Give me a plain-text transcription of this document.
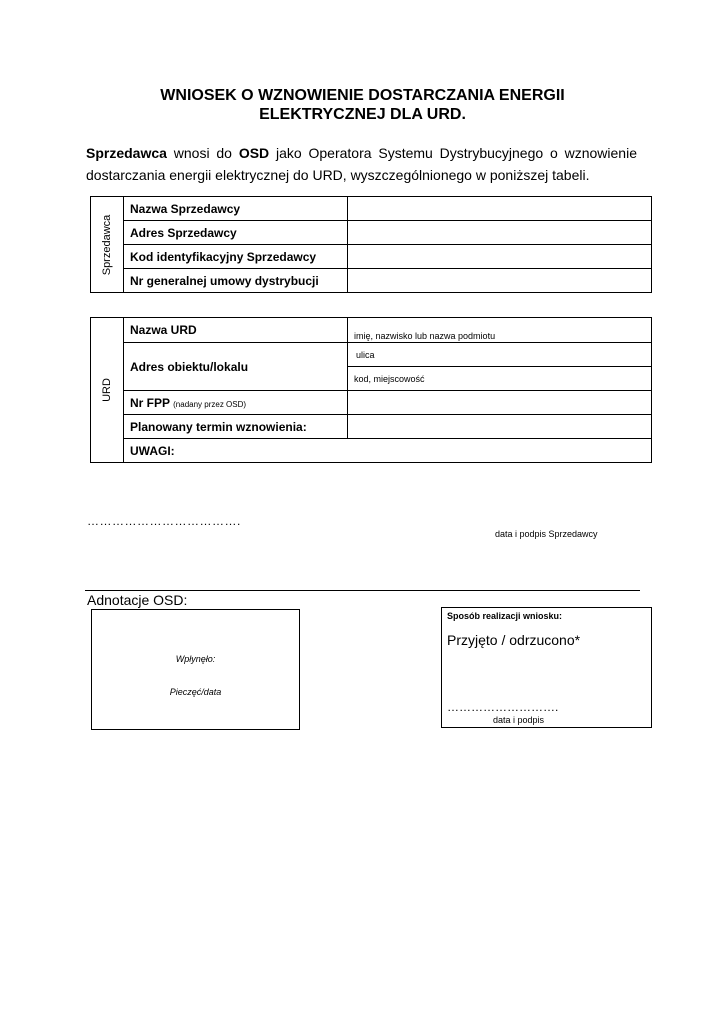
WNIOSEK O WZNOWIENIE DOSTARCZANIA ENERGII
ELEKTRYCZNEJ DLA URD.
Sprzedawca wnosi do OSD jako Operatora Systemu Dystrybucyjnego o wznowienie dostarczania energii elektrycznej do URD, wyszczególnionego w poniższej tabeli.
Sprzedawca	Nazwa Sprzedawcy	
	Adres Sprzedawcy	
	Kod identyfikacyjny Sprzedawcy	
	Nr generalnej umowy dystrybucji	
URD	Nazwa URD	imię, nazwisko lub nazwa podmiotu
	Adres obiektu/lokalu	ulica
		kod, miejscowość
	Nr FPP (nadany przez OSD)	
	Planowany termin wznowienia:	
	UWAGI:	
……………………………….
data i podpis Sprzedawcy
Adnotacje OSD:
Wpłynęło:
Pieczęć/data
Sposób realizacji wniosku:
Przyjęto / odrzucono*
……………………….
data i podpis
